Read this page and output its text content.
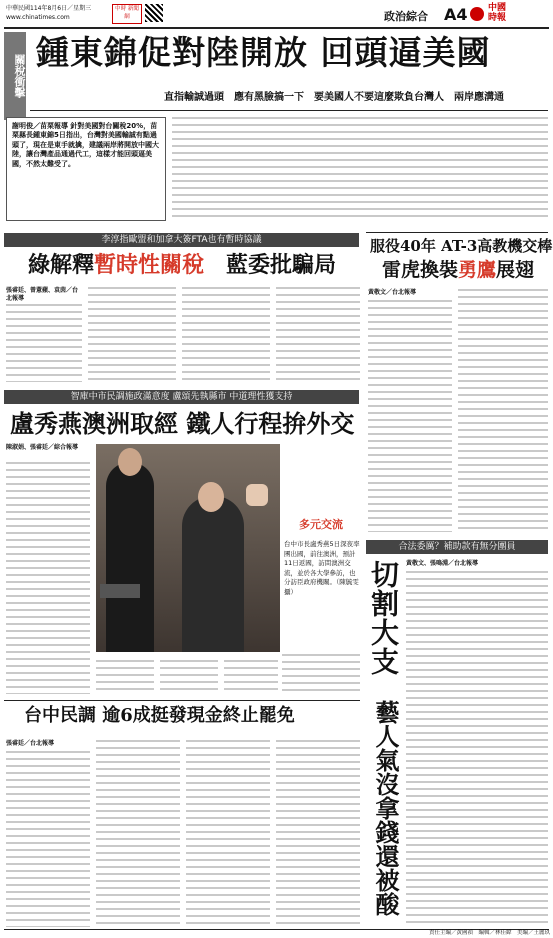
中華民國114年8月6日／星期三
www.chinatimes.com
中時 新聞網	政治綜合 A4 中國時報
關稅衝擊
鍾東錦促對陸開放 回頭逼美國
直指輸誠過頭　應有黑臉搞一下　要美國人不要這麼欺負台灣人　兩岸應溝通
謝明俊／苗栗報導 針對美國對台關稅20%，苗栗縣長鍾東錦5日指出，台灣對美國輸誠有點過頭了，現在是東手就擒，建議兩岸將開放中國大陸，讓台灣產品通過代工，這樣才能回頭逼美國，不然太難受了。
李淳指歐盟和加拿大簽FTA也有暫時協議
綠解釋暫時性關稅　 藍委批騙局
張睿廷、曾薏蘋、袁茵／台北報導
服役40年 AT-3高教機交棒
雷虎換裝勇鷹展翅
黃敬文／台北報導
智庫中市民調施政滿意度 盧頌先執縣市 中道理性獲支持
盧秀燕澳洲取經 鐵人行程拚外交
陳淑娟、張睿廷／綜合報導
多元交流
台中市長盧秀燕5日深夜率團出國，前往澳洲，預計11日返國，訪問澳洲交流，並於各大學參訪，也分訪臣政府機關。（陳毓雯攝）
台中民調 逾6成挺發現金終止罷免
張睿廷／台北報導
合法委厲？補助款有無分團員
切割大支
藝人氣沒拿錢還被酸
黃敬文、張鳴淵／台北報導
責任主編／黃國禎　編輯／林佳緯　美編／王麗玖
